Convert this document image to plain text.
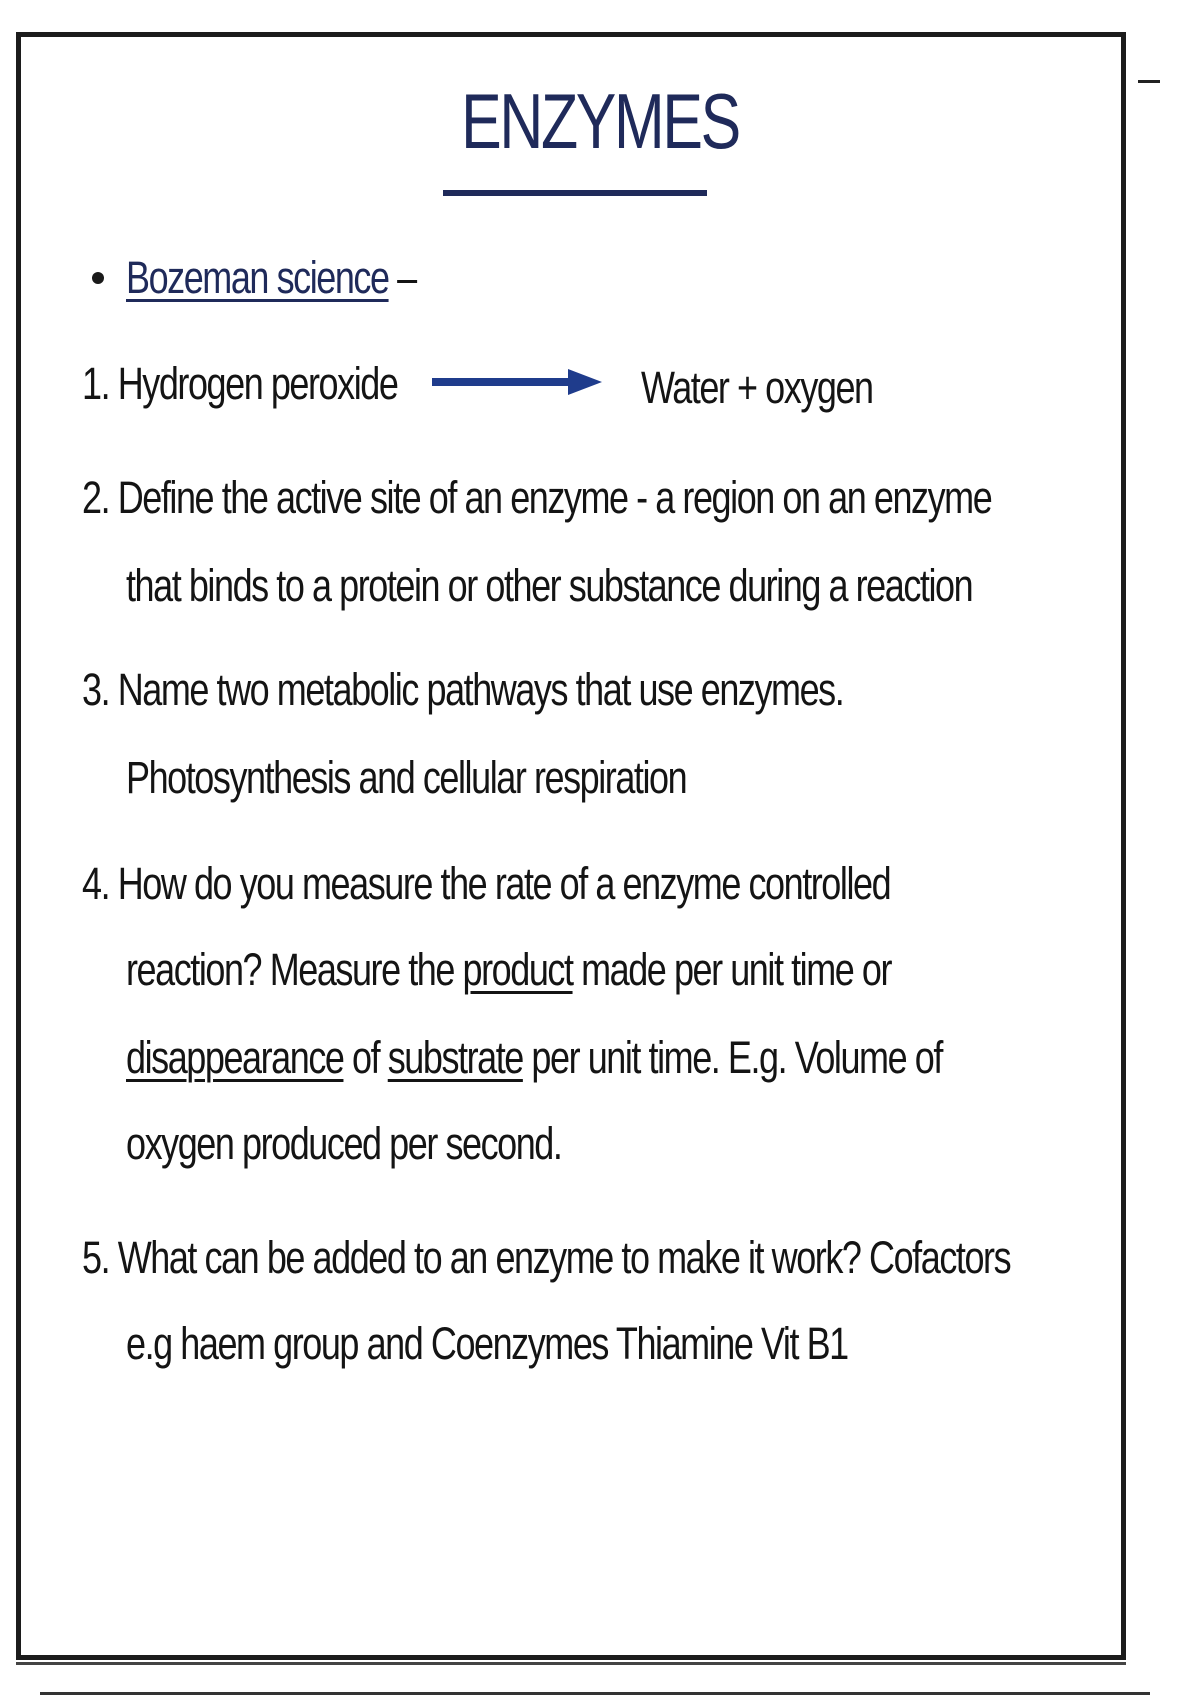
ENZYMES
Bozeman science –
1. Hydrogen peroxide	Water + oxygen
2. Define the active site of an enzyme - a region on an enzyme
that binds to a protein or other substance during a reaction
3. Name two metabolic pathways that use enzymes.
Photosynthesis and cellular respiration
4. How do you measure the rate of a enzyme controlled
reaction? Measure the product made per unit time or
disappearance of substrate per unit time. E.g. Volume of
oxygen produced per second.
5. What can be added to an enzyme to make it work? Cofactors
e.g haem group and Coenzymes Thiamine Vit B1
